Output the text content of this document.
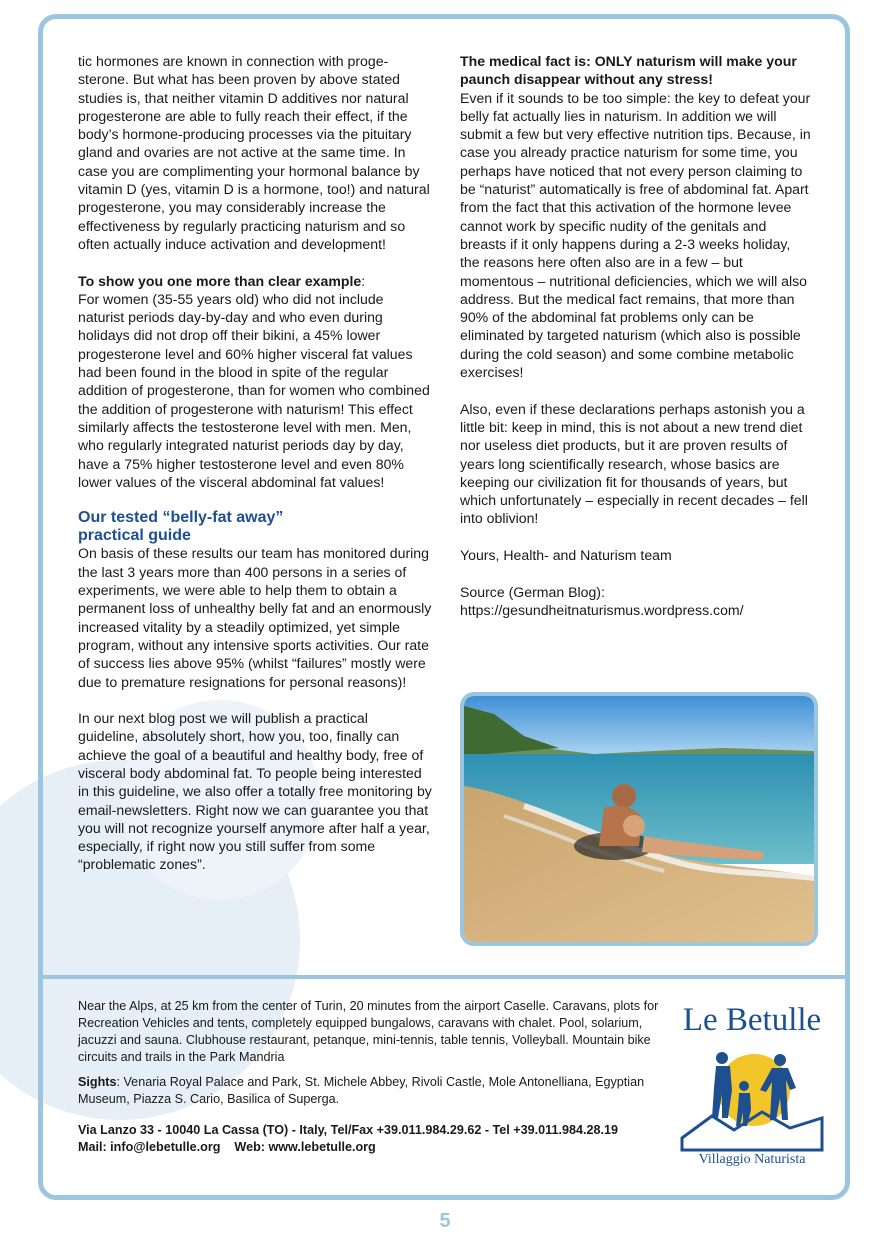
tic hormones are known in connection with progesterone. But what has been proven by above stated studies is, that neither vitamin D additives nor natural progesterone are able to fully reach their effect, if the body’s hormone-producing processes via the pituitary gland and ovaries are not active at the same time. In case you are complimenting your hormonal balance by vitamin D (yes, vitamin D is a hormone, too!) and natural progesterone, you may considerably increase the effectiveness by regularly practicing naturism and so often actually induce activation and development!

To show you one more than clear example:
For women (35-55 years old) who did not include naturist periods day-by-day and who even during holidays did not drop off their bikini, a 45% lower progesterone level and 60% higher visceral fat values had been found in the blood in spite of the regular addition of progesterone, than for women who combined the addition of progesterone with naturism! This effect similarly affects the testosterone level with men. Men, who regularly integrated naturist periods day by day, have a 75% higher testosterone level and even 80% lower values of the visceral abdominal fat values!

Our tested “belly-fat away”
practical guide

On basis of these results our team has monitored during the last 3 years more than 400 persons in a series of experiments, we were able to help them to obtain a permanent loss of unhealthy belly fat and an enormously increased vitality by a steadily optimized, yet simple program, without any intensive sports activities. Our rate of success lies above 95% (whilst “failures” mostly were due to premature resignations for personal reasons)!

In our next blog post we will publish a practical guideline, absolutely short, how you, too, finally can achieve the goal of a beautiful and healthy body, free of visceral body abdominal fat. To people being interested in this guideline, we also offer a totally free monitoring by email-newsletters. Right now we can guarantee you that you will not recognize yourself anymore after half a year, especially, if right now you still suffer from some “problematic zones”.

The medical fact is: ONLY naturism will make your paunch disappear without any stress!
Even if it sounds to be too simple: the key to defeat your belly fat actually lies in naturism. In addition we will submit a few but very effective nutrition tips. Because, in case you already practice naturism for some time, you perhaps have noticed that not every person claiming to be “naturist” automatically is free of abdominal fat. Apart from the fact that this activation of the hormone levee cannot work by specific nudity of the genitals and breasts if it only happens during a 2-3 weeks holiday, the reasons here often also are in a few – but momentous – nutritional deficiencies, which we will also address. But the medical fact remains, that more than 90% of the abdominal fat problems only can be eliminated by targeted naturism (which also is possible during the cold season) and some combine metabolic exercises!

Also, even if these declarations perhaps astonish you a little bit: keep in mind, this is not about a new trend diet nor useless diet products, but it are proven results of years long scientifically research, whose basics are keeping our civilization fit for thousands of years, but which unfortunately – especially in recent decades – fell into oblivion!

Yours, Health- and Naturism team

Source (German Blog):
https://gesundheitnaturismus.wordpress.com/

Near the Alps, at 25 km from the center of Turin, 20 minutes from the airport Caselle. Caravans, plots for Recreation Vehicles and tents, completely equipped bungalows, caravans with chalet. Pool, solarium, jacuzzi and sauna. Clubhouse restaurant, petanque, mini-tennis, table tennis, Volleyball. Mountain bike circuits and trails in the Park Mandria

Sights: Venaria Royal Palace and Park, St. Michele Abbey, Rivoli Castle, Mole Antonelliana, Egyptian Museum, Piazza S. Cario, Basilica of Superga.

Via Lanzo 33 - 10040 La Cassa (TO) - Italy, Tel/Fax +39.011.984.29.62 - Tel +39.011.984.28.19
Mail: info@lebetulle.org    Web: www.lebetulle.org
Le Betulle
Villaggio Naturista
5
